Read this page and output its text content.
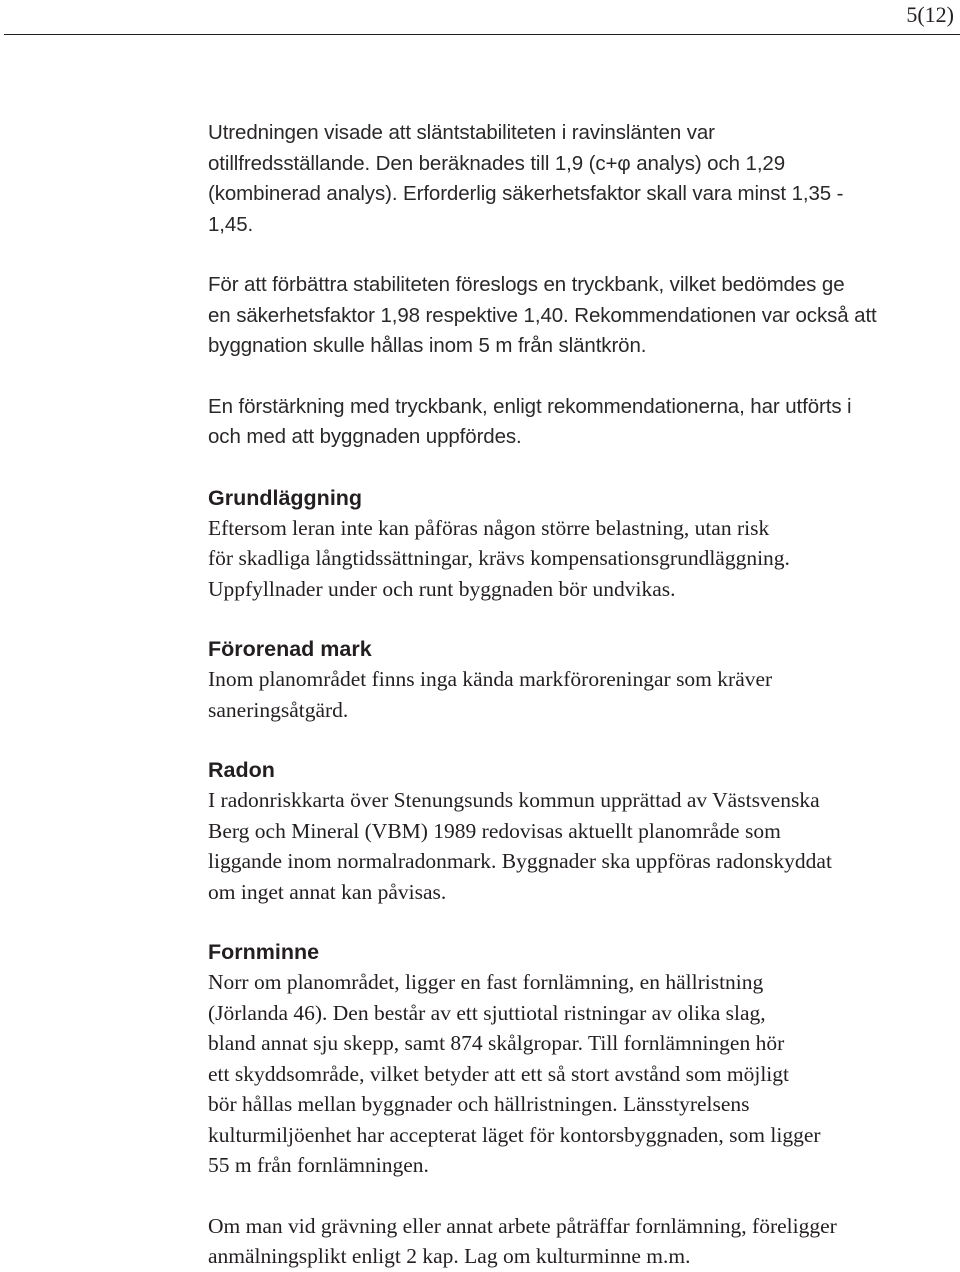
5(12)

Utredningen visade att släntstabiliteten i ravinslänten var
otillfredsställande. Den beräknades till 1,9 (c+φ analys) och 1,29
(kombinerad analys). Erforderlig säkerhetsfaktor skall vara minst 1,35 -
1,45.

För att förbättra stabiliteten föreslogs en tryckbank, vilket bedömdes ge
en säkerhetsfaktor 1,98 respektive 1,40. Rekommendationen var också att
byggnation skulle hållas inom 5 m från släntkrön.

En förstärkning med tryckbank, enligt rekommendationerna, har utförts i
och med att byggnaden uppfördes.

Grundläggning

Eftersom leran inte kan påföras någon större belastning, utan risk
för skadliga långtidssättningar, krävs kompensationsgrundläggning.
Uppfyllnader under och runt byggnaden bör undvikas.

Förorenad mark

Inom planområdet finns inga kända markföroreningar som kräver
saneringsåtgärd.

Radon

I radonriskkarta över Stenungsunds kommun upprättad av Västsvenska
Berg och Mineral (VBM) 1989 redovisas aktuellt planområde som
liggande inom normalradonmark. Byggnader ska uppföras radonskyddat
om inget annat kan påvisas.

Fornminne

Norr om planområdet, ligger en fast fornlämning, en hällristning
(Jörlanda 46). Den består av ett sjuttiotal ristningar av olika slag,
bland annat sju skepp, samt 874 skålgropar. Till fornlämningen hör
ett skyddsområde, vilket betyder att ett så stort avstånd som möjligt
bör hållas mellan byggnader och hällristningen. Länsstyrelsens
kulturmiljöenhet har accepterat läget för kontorsbyggnaden, som ligger
55 m från fornlämningen.

Om man vid grävning eller annat arbete påträffar fornlämning, föreligger
anmälningsplikt enligt 2 kap. Lag om kulturminne m.m.
